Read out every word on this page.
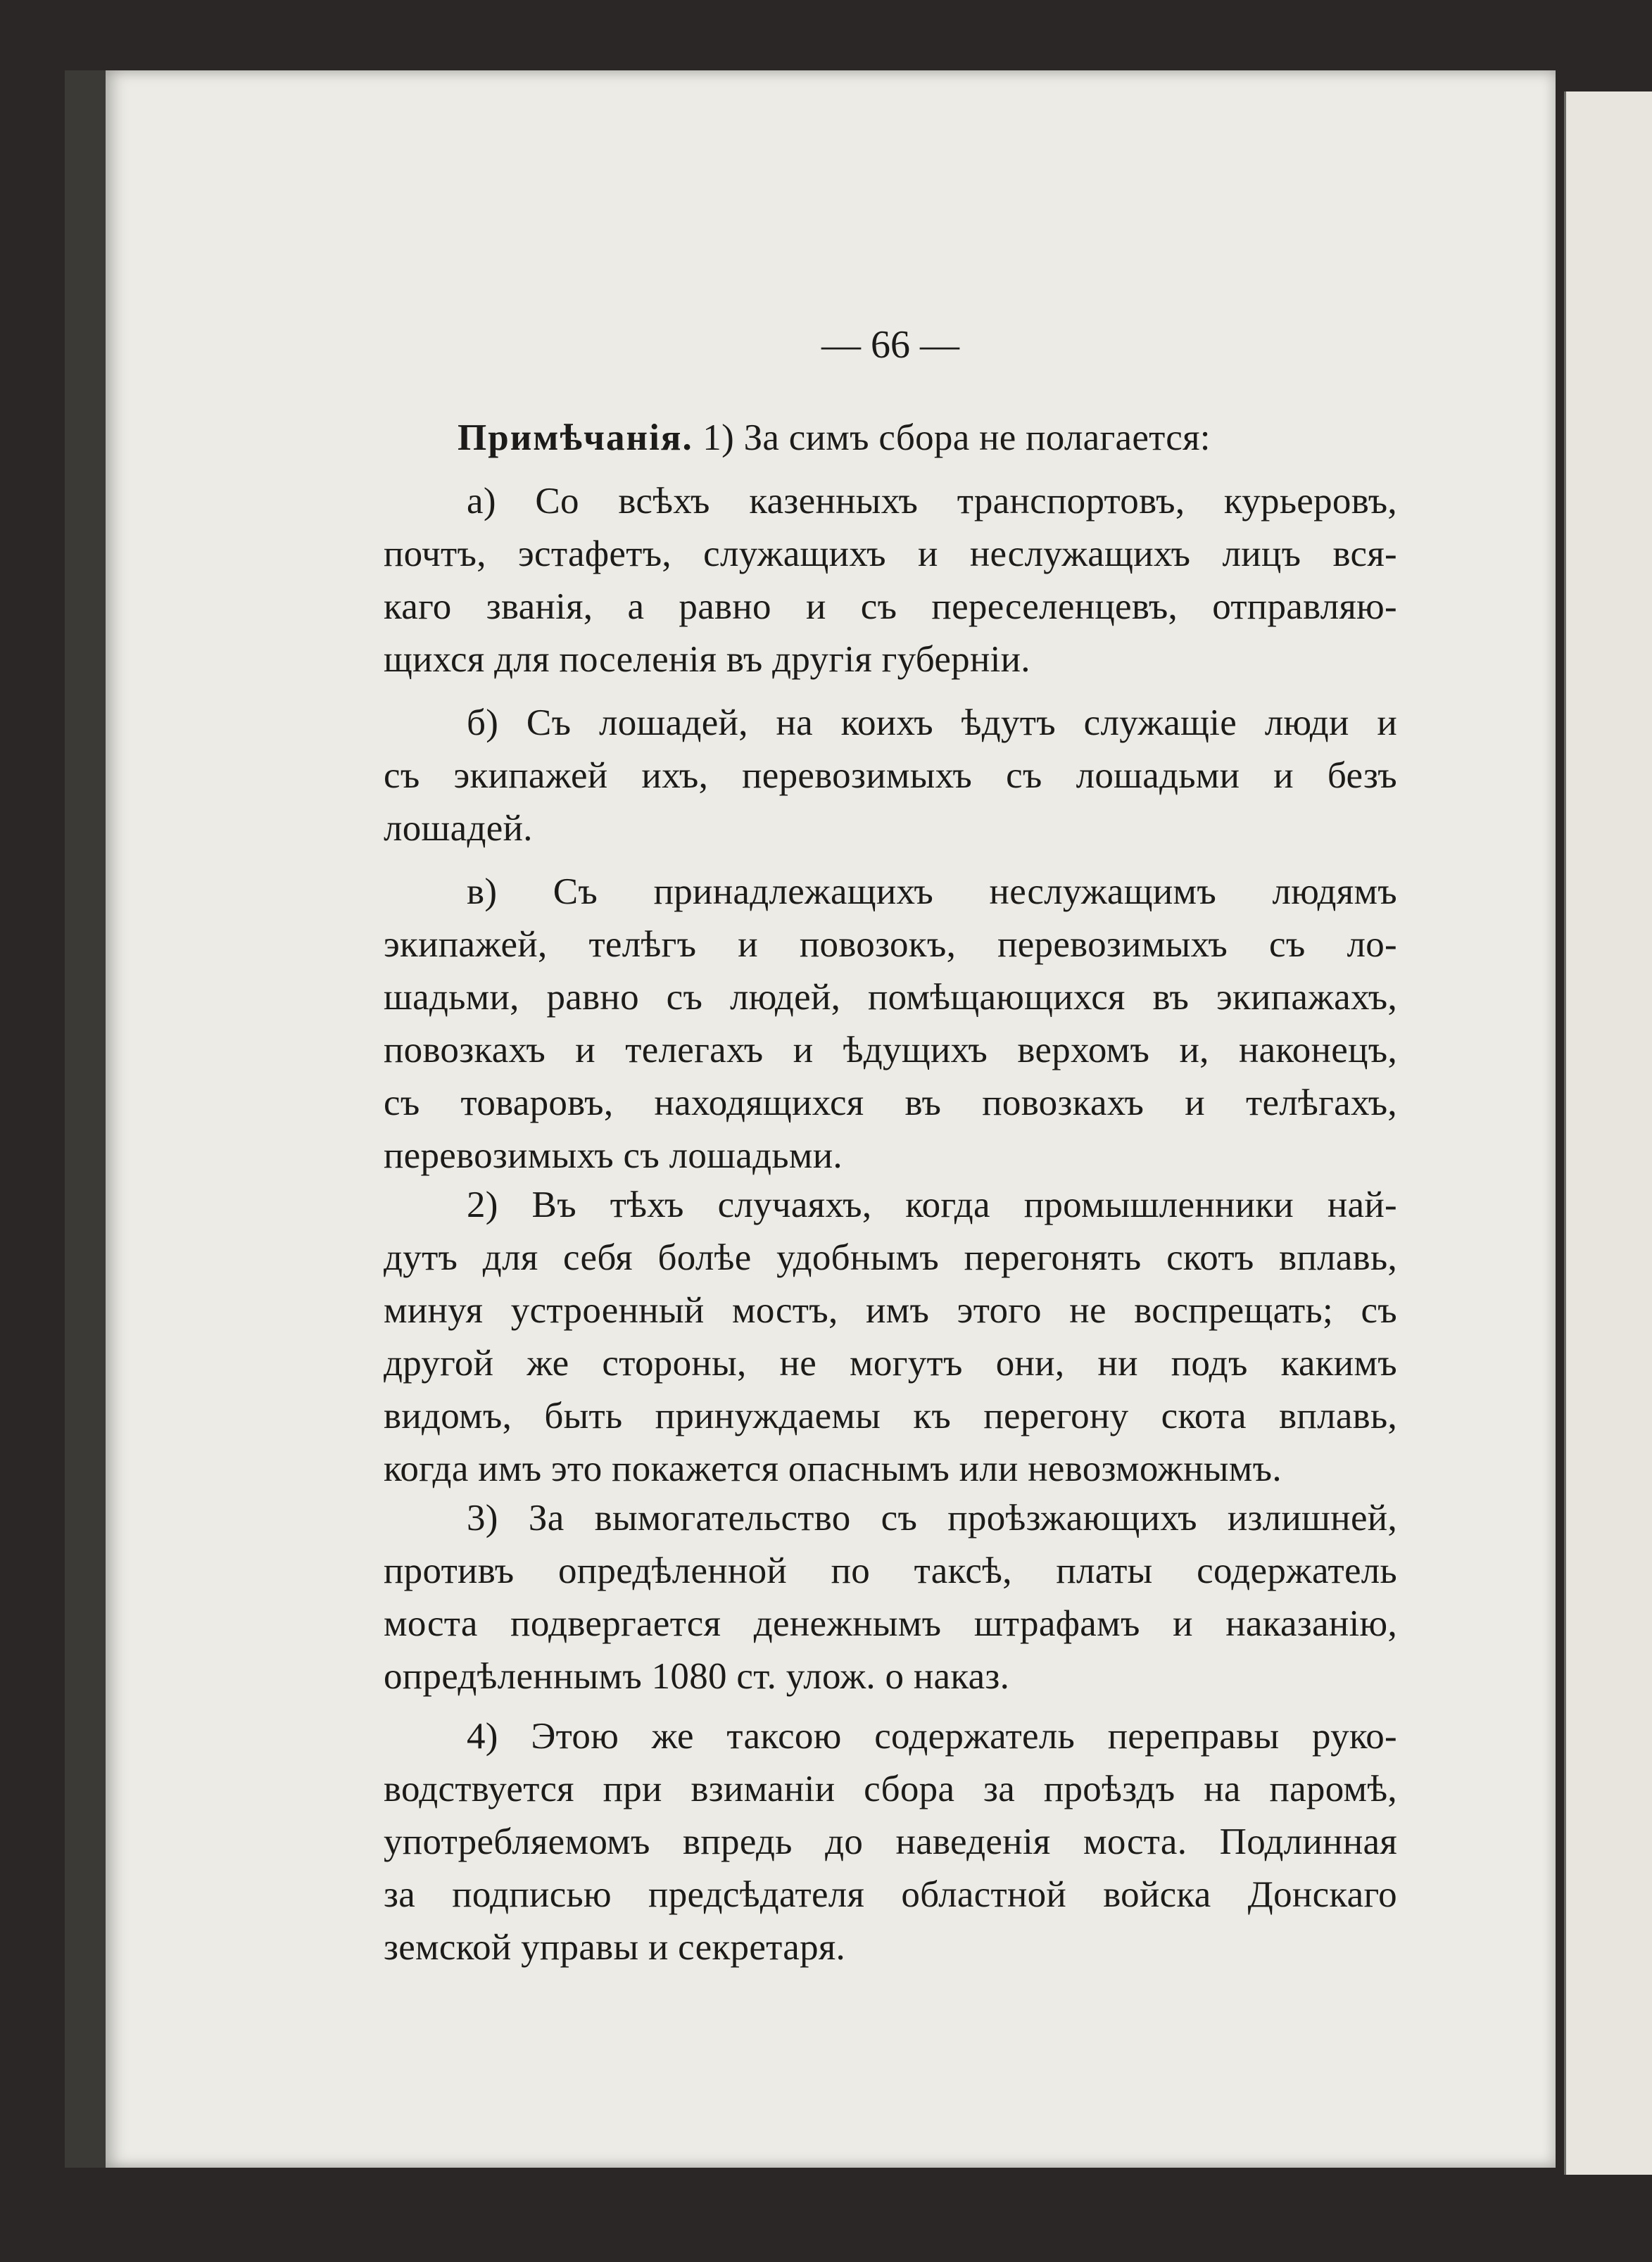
— 66 —
Примѣчанія. 1) За симъ сбора не полагается:
а) Со всѣхъ казенныхъ транспортовъ, курьеровъ,
почтъ, эстафетъ, служащихъ и неслужащихъ лицъ вся-
каго званія, а равно и съ переселенцевъ, отправляю-
щихся для поселенія въ другія губерніи.
б) Съ лошадей, на коихъ ѣдутъ служащіе люди и
съ экипажей ихъ, перевозимыхъ съ лошадьми и безъ
лошадей.
в) Съ принадлежащихъ неслужащимъ людямъ
экипажей, телѣгъ и повозокъ, перевозимыхъ съ ло-
шадьми, равно съ людей, помѣщающихся въ экипажахъ,
повозкахъ и телегахъ и ѣдущихъ верхомъ и, наконецъ,
съ товаровъ, находящихся въ повозкахъ и телѣгахъ,
перевозимыхъ съ лошадьми.
2) Въ тѣхъ случаяхъ, когда промышленники най-
дутъ для себя болѣе удобнымъ перегонять скотъ вплавь,
минуя устроенный мостъ, имъ этого не воспрещать; съ
другой же стороны, не могутъ они, ни подъ какимъ
видомъ, быть принуждаемы къ перегону скота вплавь,
когда имъ это покажется опаснымъ или невозможнымъ.
3) За вымогательство съ проѣзжающихъ излишней,
противъ опредѣленной по таксѣ, платы содержатель
моста подвергается денежнымъ штрафамъ и наказанію,
опредѣленнымъ 1080 ст. улож. о наказ.
4) Этою же таксою содержатель переправы руко-
водствуется при взиманіи сбора за проѣздъ на паромѣ,
употребляемомъ впредь до наведенія моста. Подлинная
за подписью предсѣдателя областной войска Донскаго
земской управы и секретаря.
